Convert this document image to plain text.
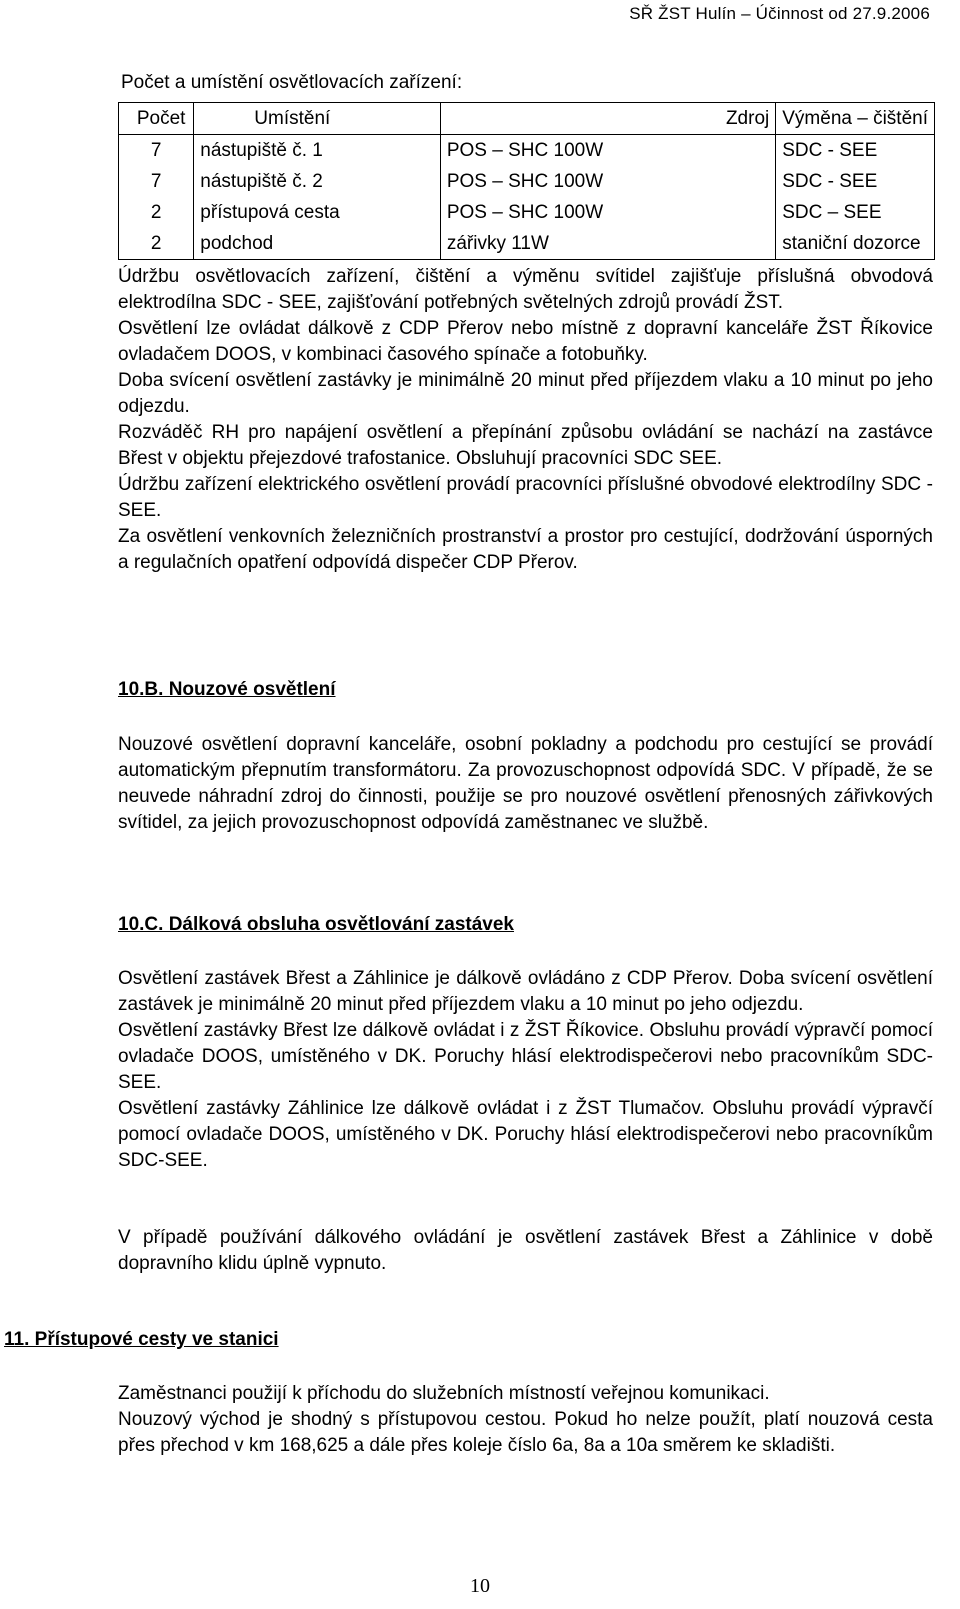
SŘ ŽST Hulín – Účinnost od 27.9.2006
Počet a umístění osvětlovacích zařízení:
Počet	Umístění	Zdroj	Výměna – čištění
7	nástupiště č. 1	POS – SHC 100W	SDC - SEE
7	nástupiště č. 2	POS – SHC 100W	SDC - SEE
2	přístupová cesta	POS – SHC 100W	SDC – SEE
2	podchod	zářivky 11W	staniční dozorce

Údržbu osvětlovacích zařízení, čištění a výměnu svítidel zajišťuje příslušná obvodová elektrodílna SDC - SEE, zajišťování potřebných světelných zdrojů provádí ŽST.

Osvětlení lze ovládat dálkově z CDP Přerov nebo místně z dopravní kanceláře ŽST Říkovice ovladačem DOOS, v kombinaci časového spínače a fotobuňky.

Doba svícení osvětlení zastávky je minimálně 20 minut před příjezdem vlaku a 10 minut po jeho odjezdu.

Rozváděč RH pro napájení osvětlení a přepínání způsobu ovládání se nachází na zastávce Břest v objektu přejezdové trafostanice. Obsluhují pracovníci SDC SEE.

Údržbu zařízení elektrického osvětlení provádí pracovníci příslušné obvodové elektrodílny SDC - SEE.

Za osvětlení venkovních železničních prostranství a prostor pro cestující, dodržování úsporných a regulačních opatření odpovídá dispečer CDP Přerov.

10.B. Nouzové osvětlení

Nouzové osvětlení dopravní kanceláře, osobní pokladny a podchodu pro cestující se provádí automatickým přepnutím transformátoru. Za provozuschopnost odpovídá SDC. V případě, že se neuvede náhradní zdroj do činnosti, použije se pro nouzové osvětlení přenosných zářivkových svítidel, za jejich provozuschopnost odpovídá zaměstnanec ve službě.

10.C. Dálková obsluha osvětlování zastávek

Osvětlení zastávek Břest a Záhlinice je dálkově ovládáno z CDP Přerov. Doba svícení osvětlení zastávek je minimálně 20 minut před příjezdem vlaku a 10 minut po jeho odjezdu.

Osvětlení zastávky Břest lze dálkově ovládat i z ŽST Říkovice. Obsluhu provádí výpravčí pomocí ovladače DOOS, umístěného v DK. Poruchy hlásí elektrodispečerovi nebo pracovníkům SDC-SEE.

Osvětlení zastávky Záhlinice lze dálkově ovládat i z ŽST Tlumačov. Obsluhu provádí výpravčí pomocí ovladače DOOS, umístěného v DK. Poruchy hlásí elektrodispečerovi nebo pracovníkům SDC-SEE.

V případě používání dálkového ovládání je osvětlení zastávek Břest a Záhlinice v době dopravního klidu úplně vypnuto.

11. Přístupové cesty ve stanici

Zaměstnanci použijí k příchodu do služebních místností veřejnou komunikaci.

Nouzový východ je shodný s přístupovou cestou. Pokud ho nelze použít, platí nouzová cesta přes přechod v km 168,625 a dále přes koleje číslo 6a, 8a a 10a směrem ke skladišti.

10
